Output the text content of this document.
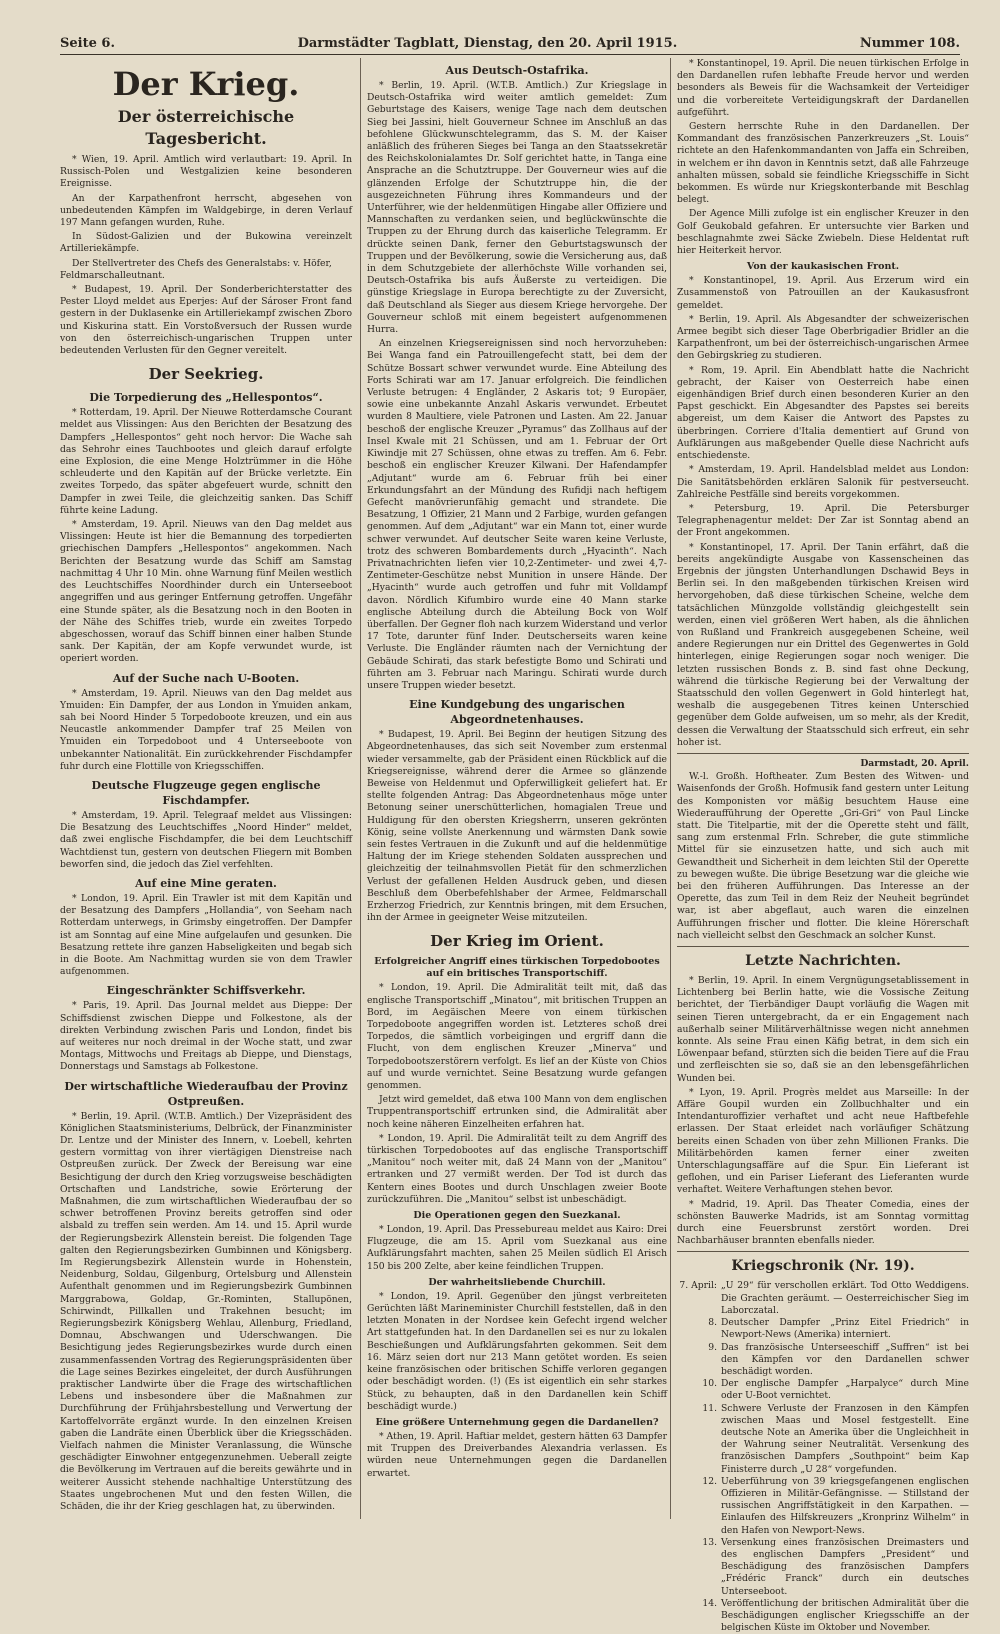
Seite 6.	Darmstädter Tagblatt, Dienstag, den 20. April 1915.	Nummer 108.
Der Krieg.
Der österreichische Tagesbericht.

* Wien, 19. April. Amtlich wird verlautbart: 19. April. In Russisch-Polen und Westgalizien keine besonderen Ereignisse.

An der Karpathenfront herrscht, abgesehen von unbedeutenden Kämpfen im Waldgebirge, in deren Verlauf 197 Mann gefangen wurden, Ruhe.

In Südost-Galizien und der Bukowina vereinzelt Artilleriekämpfe.

Der Stellvertreter des Chefs des Generalstabs: v. Höfer, Feldmarschalleutnant.

* Budapest, 19. April. Der Sonderberichterstatter des Pester Lloyd meldet aus Eperjes: Auf der Sároser Front fand gestern in der Duklasenke ein Artilleriekampf zwischen Zboro und Kiskurina statt. Ein Vorstoßversuch der Russen wurde von den österreichisch-ungarischen Truppen unter bedeutenden Verlusten für den Gegner vereitelt.

Der Seekrieg.
Die Torpedierung des „Hellespontos“.

* Rotterdam, 19. April. Der Nieuwe Rotterdamsche Courant meldet aus Vlissingen: Aus den Berichten der Besatzung des Dampfers „Hellespontos“ geht noch hervor: Die Wache sah das Sehrohr eines Tauchbootes und gleich darauf erfolgte eine Explosion, die eine Menge Holztrümmer in die Höhe schleuderte und den Kapitän auf der Brücke verletzte. Ein zweites Torpedo, das später abgefeuert wurde, schnitt den Dampfer in zwei Teile, die gleichzeitig sanken. Das Schiff führte keine Ladung.

* Amsterdam, 19. April. Nieuws van den Dag meldet aus Vlissingen: Heute ist hier die Bemannung des torpedierten griechischen Dampfers „Hellespontos“ angekommen. Nach Berichten der Besatzung wurde das Schiff am Samstag nachmittag 4 Uhr 10 Min. ohne Warnung fünf Meilen westlich des Leuchtschiffes Noordhinder durch ein Unterseeboot angegriffen und aus geringer Entfernung getroffen. Ungefähr eine Stunde später, als die Besatzung noch in den Booten in der Nähe des Schiffes trieb, wurde ein zweites Torpedo abgeschossen, worauf das Schiff binnen einer halben Stunde sank. Der Kapitän, der am Kopfe verwundet wurde, ist operiert worden.

Auf der Suche nach U-Booten.

* Amsterdam, 19. April. Nieuws van den Dag meldet aus Ymuiden: Ein Dampfer, der aus London in Ymuiden ankam, sah bei Noord Hinder 5 Torpedoboote kreuzen, und ein aus Neucastle ankommender Dampfer traf 25 Meilen von Ymuiden ein Torpedoboot und 4 Unterseeboote von unbekannter Nationalität. Ein zurückkehrender Fischdampfer fuhr durch eine Flottille von Kriegsschiffen.

Deutsche Flugzeuge gegen englische Fischdampfer.

* Amsterdam, 19. April. Telegraaf meldet aus Vlissingen: Die Besatzung des Leuchtschiffes „Noord Hinder“ meldet, daß zwei englische Fischdampfer, die bei dem Leuchtschiff Wachtdienst tun, gestern von deutschen Fliegern mit Bomben beworfen sind, die jedoch das Ziel verfehlten.

Auf eine Mine geraten.

* London, 19. April. Ein Trawler ist mit dem Kapitän und der Besatzung des Dampfers „Hollandia“, von Seeham nach Rotterdam unterwegs, in Grimsby eingetroffen. Der Dampfer ist am Sonntag auf eine Mine aufgelaufen und gesunken. Die Besatzung rettete ihre ganzen Habseligkeiten und begab sich in die Boote. Am Nachmittag wurden sie von dem Trawler aufgenommen.

Eingeschränkter Schiffsverkehr.

* Paris, 19. April. Das Journal meldet aus Dieppe: Der Schiffsdienst zwischen Dieppe und Folkestone, als der direkten Verbindung zwischen Paris und London, findet bis auf weiteres nur noch dreimal in der Woche statt, und zwar Montags, Mittwochs und Freitags ab Dieppe, und Dienstags, Donnerstags und Samstags ab Folkestone.

Der wirtschaftliche Wiederaufbau der Provinz Ostpreußen.

* Berlin, 19. April. (W.T.B. Amtlich.) Der Vizepräsident des Königlichen Staatsministeriums, Delbrück, der Finanzminister Dr. Lentze und der Minister des Innern, v. Loebell, kehrten gestern vormittag von ihrer viertägigen Dienstreise nach Ostpreußen zurück. Der Zweck der Bereisung war eine Besichtigung der durch den Krieg vorzugsweise beschädigten Ortschaften und Landstriche, sowie Erörterung der Maßnahmen, die zum wirtschaftlichen Wiederaufbau der so schwer betroffenen Provinz bereits getroffen sind oder alsbald zu treffen sein werden. Am 14. und 15. April wurde der Regierungsbezirk Allenstein bereist. Die folgenden Tage galten den Regierungsbezirken Gumbinnen und Königsberg. Im Regierungsbezirk Allenstein wurde in Hohenstein, Neidenburg, Soldau, Gilgenburg, Ortelsburg und Allenstein Aufenthalt genommen und im Regierungsbezirk Gumbinnen Marggrabowa, Goldap, Gr.-Rominten, Stallupönen, Schirwindt, Pillkallen und Trakehnen besucht; im Regierungsbezirk Königsberg Wehlau, Allenburg, Friedland, Domnau, Abschwangen und Uderschwangen. Die Besichtigung jedes Regierungsbezirkes wurde durch einen zusammenfassenden Vortrag des Regierungspräsidenten über die Lage seines Bezirkes eingeleitet, der durch Ausführungen praktischer Landwirte über die Frage des wirtschaftlichen Lebens und insbesondere über die Maßnahmen zur Durchführung der Frühjahrsbestellung und Verwertung der Kartoffelvorräte ergänzt wurde. In den einzelnen Kreisen gaben die Landräte einen Überblick über die Kriegsschäden. Vielfach nahmen die Minister Veranlassung, die Wünsche geschädigter Einwohner entgegenzunehmen. Ueberall zeigte die Bevölkerung im Vertrauen auf die bereits gewährte und in weiterer Aussicht stehende nachhaltige Unterstützung des Staates ungebrochenen Mut und den festen Willen, die Schäden, die ihr der Krieg geschlagen hat, zu überwinden.

Aus Deutsch-Ostafrika.

* Berlin, 19. April. (W.T.B. Amtlich.) Zur Kriegslage in Deutsch-Ostafrika wird weiter amtlich gemeldet: Zum Geburtstage des Kaisers, wenige Tage nach dem deutschen Sieg bei Jassini, hielt Gouverneur Schnee im Anschluß an das befohlene Glückwunschtelegramm, das S. M. der Kaiser anläßlich des früheren Sieges bei Tanga an den Staatssekretär des Reichskolonialamtes Dr. Solf gerichtet hatte, in Tanga eine Ansprache an die Schutztruppe. Der Gouverneur wies auf die glänzenden Erfolge der Schutztruppe hin, die der ausgezeichneten Führung ihres Kommandeurs und der Unterführer, wie der heldenmütigen Hingabe aller Offiziere und Mannschaften zu verdanken seien, und beglückwünschte die Truppen zu der Ehrung durch das kaiserliche Telegramm. Er drückte seinen Dank, ferner den Geburtstagswunsch der Truppen und der Bevölkerung, sowie die Versicherung aus, daß in dem Schutzgebiete der allerhöchste Wille vorhanden sei, Deutsch-Ostafrika bis aufs Äußerste zu verteidigen. Die günstige Kriegslage in Europa berechtigte zu der Zuversicht, daß Deutschland als Sieger aus diesem Kriege hervorgehe. Der Gouverneur schloß mit einem begeistert aufgenommenen Hurra.

An einzelnen Kriegsereignissen sind noch hervorzuheben: Bei Wanga fand ein Patrouillengefecht statt, bei dem der Schütze Bossart schwer verwundet wurde. Eine Abteilung des Forts Schirati war am 17. Januar erfolgreich. Die feindlichen Verluste betrugen: 4 Engländer, 2 Askaris tot; 9 Europäer, sowie eine unbekannte Anzahl Askaris verwundet. Erbeutet wurden 8 Maultiere, viele Patronen und Lasten. Am 22. Januar beschoß der englische Kreuzer „Pyramus“ das Zollhaus auf der Insel Kwale mit 21 Schüssen, und am 1. Februar der Ort Kiwindje mit 27 Schüssen, ohne etwas zu treffen. Am 6. Febr. beschoß ein englischer Kreuzer Kilwani. Der Hafendampfer „Adjutant“ wurde am 6. Februar früh bei einer Erkundungsfahrt an der Mündung des Rufidji nach heftigem Gefecht manövrierunfähig gemacht und strandete. Die Besatzung, 1 Offizier, 21 Mann und 2 Farbige, wurden gefangen genommen. Auf dem „Adjutant“ war ein Mann tot, einer wurde schwer verwundet. Auf deutscher Seite waren keine Verluste, trotz des schweren Bombardements durch „Hyacinth“. Nach Privatnachrichten liefen vier 10,2-Zentimeter- und zwei 4,7-Zentimeter-Geschütze nebst Munition in unsere Hände. Der „Hyacinth“ wurde auch getroffen und fuhr mit Volldampf davon. Nördlich Kifumbiro wurde eine 40 Mann starke englische Abteilung durch die Abteilung Bock von Wolf überfallen. Der Gegner floh nach kurzem Widerstand und verlor 17 Tote, darunter fünf Inder. Deutscherseits waren keine Verluste. Die Engländer räumten nach der Vernichtung der Gebäude Schirati, das stark befestigte Bomo und Schirati und führten am 3. Februar nach Maringu. Schirati wurde durch unsere Truppen wieder besetzt.

Eine Kundgebung des ungarischen Abgeordnetenhauses.

* Budapest, 19. April. Bei Beginn der heutigen Sitzung des Abgeordnetenhauses, das sich seit November zum erstenmal wieder versammelte, gab der Präsident einen Rückblick auf die Kriegsereignisse, während derer die Armee so glänzende Beweise von Heldenmut und Opferwilligkeit geliefert hat. Er stellte folgenden Antrag: Das Abgeordnetenhaus möge unter Betonung seiner unerschütterlichen, homagialen Treue und Huldigung für den obersten Kriegsherrn, unseren gekrönten König, seine vollste Anerkennung und wärmsten Dank sowie sein festes Vertrauen in die Zukunft und auf die heldenmütige Haltung der im Kriege stehenden Soldaten aussprechen und gleichzeitig der teilnahmsvollen Pietät für den schmerzlichen Verlust der gefallenen Helden Ausdruck geben, und diesen Beschluß dem Oberbefehlshaber der Armee, Feldmarschall Erzherzog Friedrich, zur Kenntnis bringen, mit dem Ersuchen, ihn der Armee in geeigneter Weise mitzuteilen.

Der Krieg im Orient.
Erfolgreicher Angriff eines türkischen Torpedobootes auf ein britisches Transportschiff.

* London, 19. April. Die Admiralität teilt mit, daß das englische Transportschiff „Minatou“, mit britischen Truppen an Bord, im Aegäischen Meere von einem türkischen Torpedoboote angegriffen worden ist. Letzteres schoß drei Torpedos, die sämtlich vorbeigingen und ergriff dann die Flucht, von dem englischen Kreuzer „Minerva“ und Torpedobootszerstörern verfolgt. Es lief an der Küste von Chios auf und wurde vernichtet. Seine Besatzung wurde gefangen genommen.

Jetzt wird gemeldet, daß etwa 100 Mann von dem englischen Truppentransportschiff ertrunken sind, die Admiralität aber noch keine näheren Einzelheiten erfahren hat.

* London, 19. April. Die Admiralität teilt zu dem Angriff des türkischen Torpedobootes auf das englische Transportschiff „Manitou“ noch weiter mit, daß 24 Mann von der „Manitou“ ertranken und 27 vermißt werden. Der Tod ist durch das Kentern eines Bootes und durch Unschlagen zweier Boote zurückzuführen. Die „Manitou“ selbst ist unbeschädigt.

Die Operationen gegen den Suezkanal.

* London, 19. April. Das Pressebureau meldet aus Kairo: Drei Flugzeuge, die am 15. April vom Suezkanal aus eine Aufklärungsfahrt machten, sahen 25 Meilen südlich El Arisch 150 bis 200 Zelte, aber keine feindlichen Truppen.

Der wahrheitsliebende Churchill.

* London, 19. April. Gegenüber den jüngst verbreiteten Gerüchten läßt Marineminister Churchill feststellen, daß in den letzten Monaten in der Nordsee kein Gefecht irgend welcher Art stattgefunden hat. In den Dardanellen sei es nur zu lokalen Beschießungen und Aufklärungsfahrten gekommen. Seit dem 16. März seien dort nur 213 Mann getötet worden. Es seien keine französischen oder britischen Schiffe verloren gegangen oder beschädigt worden. (!) (Es ist eigentlich ein sehr starkes Stück, zu behaupten, daß in den Dardanellen kein Schiff beschädigt wurde.)

Eine größere Unternehmung gegen die Dardanellen?

* Athen, 19. April. Haftiar meldet, gestern hätten 63 Dampfer mit Truppen des Dreiverbandes Alexandria verlassen. Es würden neue Unternehmungen gegen die Dardanellen erwartet.

* Konstantinopel, 19. April. Die neuen türkischen Erfolge in den Dardanellen rufen lebhafte Freude hervor und werden besonders als Beweis für die Wachsamkeit der Verteidiger und die vorbereitete Verteidigungskraft der Dardanellen aufgeführt.

Gestern herrschte Ruhe in den Dardanellen. Der Kommandant des französischen Panzerkreuzers „St. Louis“ richtete an den Hafenkommandanten von Jaffa ein Schreiben, in welchem er ihn davon in Kenntnis setzt, daß alle Fahrzeuge anhalten müssen, sobald sie feindliche Kriegsschiffe in Sicht bekommen. Es würde nur Kriegskonterbande mit Beschlag belegt.

Der Agence Milli zufolge ist ein englischer Kreuzer in den Golf Geukobald gefahren. Er untersuchte vier Barken und beschlagnahmte zwei Säcke Zwiebeln. Diese Heldentat ruft hier Heiterkeit hervor.

Von der kaukasischen Front.

* Konstantinopel, 19. April. Aus Erzerum wird ein Zusammenstoß von Patrouillen an der Kaukasusfront gemeldet.

* Berlin, 19. April. Als Abgesandter der schweizerischen Armee begibt sich dieser Tage Oberbrigadier Bridler an die Karpathenfront, um bei der österreichisch-ungarischen Armee den Gebirgskrieg zu studieren.

* Rom, 19. April. Ein Abendblatt hatte die Nachricht gebracht, der Kaiser von Oesterreich habe einen eigenhändigen Brief durch einen besonderen Kurier an den Papst geschickt. Ein Abgesandter des Papstes sei bereits abgereist, um dem Kaiser die Antwort des Papstes zu überbringen. Corriere d'Italia dementiert auf Grund von Aufklärungen aus maßgebender Quelle diese Nachricht aufs entschiedenste.

* Amsterdam, 19. April. Handelsblad meldet aus London: Die Sanitätsbehörden erklären Salonik für pestverseucht. Zahlreiche Pestfälle sind bereits vorgekommen.

* Petersburg, 19. April. Die Petersburger Telegraphenagentur meldet: Der Zar ist Sonntag abend an der Front angekommen.

* Konstantinopel, 17. April. Der Tanin erfährt, daß die bereits angekündigte Ausgabe von Kassenscheinen das Ergebnis der jüngsten Unterhandlungen Dschawid Beys in Berlin sei. In den maßgebenden türkischen Kreisen wird hervorgehoben, daß diese türkischen Scheine, welche dem tatsächlichen Münzgolde vollständig gleichgestellt sein werden, einen viel größeren Wert haben, als die ähnlichen von Rußland und Frankreich ausgegebenen Scheine, weil andere Regierungen nur ein Drittel des Gegenwertes in Gold hinterlegen, einige Regierungen sogar noch weniger. Die letzten russischen Bonds z. B. sind fast ohne Deckung, während die türkische Regierung bei der Verwaltung der Staatsschuld den vollen Gegenwert in Gold hinterlegt hat, weshalb die ausgegebenen Titres keinen Unterschied gegenüber dem Golde aufweisen, um so mehr, als der Kredit, dessen die Verwaltung der Staatsschuld sich erfreut, ein sehr hoher ist.

Darmstadt, 20. April.

W.-l. Großh. Hoftheater. Zum Besten des Witwen- und Waisenfonds der Großh. Hofmusik fand gestern unter Leitung des Komponisten vor mäßig besuchtem Hause eine Wiederaufführung der Operette „Gri-Gri“ von Paul Lincke statt. Die Titelpartie, mit der die Operette steht und fällt, sang zum erstenmal Frln. Schreber, die gute stimmliche Mittel für sie einzusetzen hatte, und sich auch mit Gewandtheit und Sicherheit in dem leichten Stil der Operette zu bewegen wußte. Die übrige Besetzung war die gleiche wie bei den früheren Aufführungen. Das Interesse an der Operette, das zum Teil in dem Reiz der Neuheit begründet war, ist aber abgeflaut, auch waren die einzelnen Aufführungen frischer und flotter. Die kleine Hörerschaft nach vielleicht selbst den Geschmack an solcher Kunst.

Letzte Nachrichten.

* Berlin, 19. April. In einem Vergnügungsetablissement in Lichtenberg bei Berlin hatte, wie die Vossische Zeitung berichtet, der Tierbändiger Daupt vorläufig die Wagen mit seinen Tieren untergebracht, da er ein Engagement nach außerhalb seiner Militärverhältnisse wegen nicht annehmen konnte. Als seine Frau einen Käfig betrat, in dem sich ein Löwenpaar befand, stürzten sich die beiden Tiere auf die Frau und zerfleischten sie so, daß sie an den lebensgefährlichen Wunden bei.

* Lyon, 19. April. Progrès meldet aus Marseille: In der Affäre Goupil wurden ein Zollbuchhalter und ein Intendanturoffizier verhaftet und acht neue Haftbefehle erlassen. Der Staat erleidet nach vorläufiger Schätzung bereits einen Schaden von über zehn Millionen Franks. Die Militärbehörden kamen ferner einer zweiten Unterschlagungsaffäre auf die Spur. Ein Lieferant ist geflohen, und ein Pariser Lieferant des Lieferanten wurde verhaftet. Weitere Verhaftungen stehen bevor.

* Madrid, 19. April. Das Theater Comedia, eines der schönsten Bauwerke Madrids, ist am Sonntag vormittag durch eine Feuersbrunst zerstört worden. Drei Nachbarhäuser brannten ebenfalls nieder.

Kriegschronik (Nr. 19).
7. April: „U 29“ für verschollen erklärt. Tod Otto Weddigens. Die Grachten geräumt. — Oesterreichischer Sieg im Laborczatal.
8. Deutscher Dampfer „Prinz Eitel Friedrich“ in Newport-News (Amerika) interniert.
9. Das französische Unterseeschiff „Suffren“ ist bei den Kämpfen vor den Dardanellen schwer beschädigt worden.
10. Der englische Dampfer „Harpalyce“ durch Mine oder U-Boot vernichtet.
11. Schwere Verluste der Franzosen in den Kämpfen zwischen Maas und Mosel festgestellt. Eine deutsche Note an Amerika über die Ungleichheit in der Wahrung seiner Neutralität. Versenkung des französischen Dampfers „Southpoint“ beim Kap Finisterre durch „U 28“ vorgefunden.
12. Ueberführung von 39 kriegsgefangenen englischen Offizieren in Militär-Gefängnisse. — Stillstand der russischen Angriffstätigkeit in den Karpathen. — Einlaufen des Hilfskreuzers „Kronprinz Wilhelm“ in den Hafen von Newport-News.
13. Versenkung eines französischen Dreimasters und des englischen Dampfers „President“ und Beschädigung des französischen Dampfers „Frédéric Franck“ durch ein deutsches Unterseeboot.
14. Veröffentlichung der britischen Admiralität über die Beschädigungen englischer Kriegsschiffe an der belgischen Küste im Oktober und November.
